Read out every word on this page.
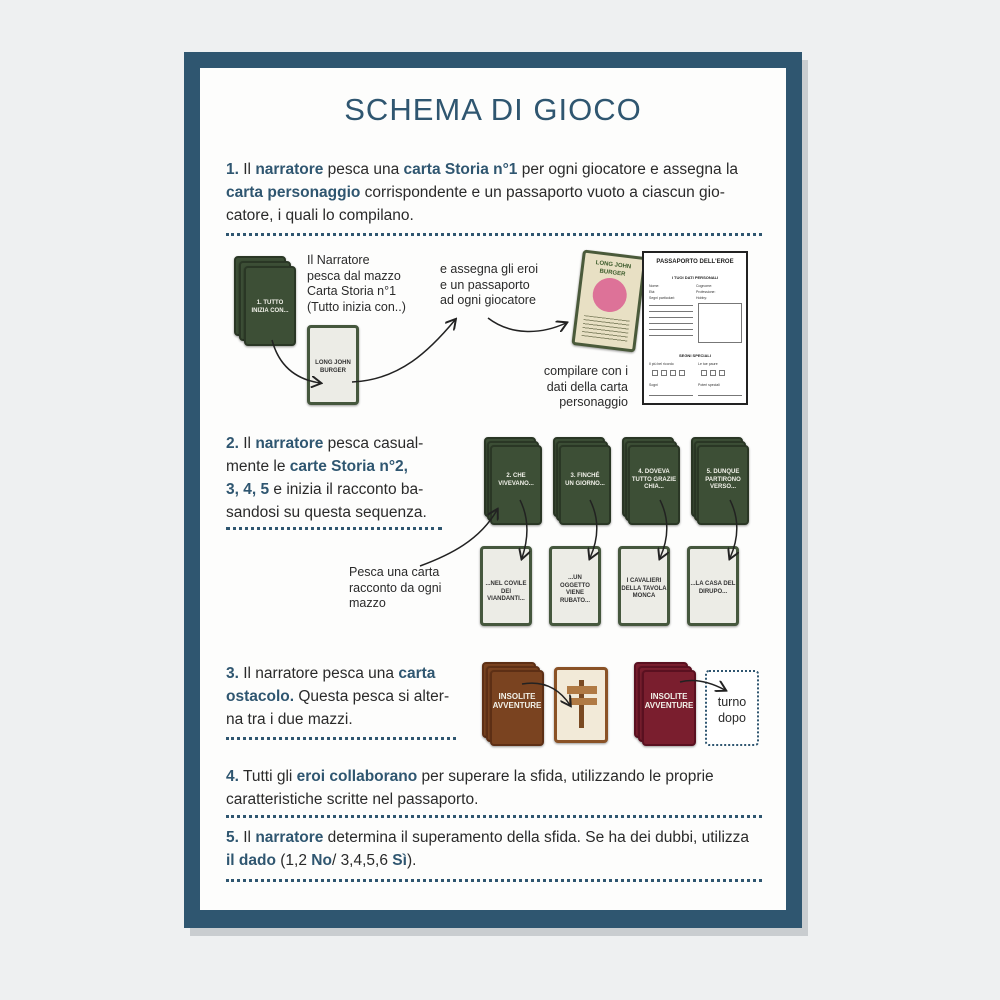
SCHEMA DI GIOCO
1. Il narratore pesca una carta Storia n°1 per ogni giocatore e assegna la
carta personaggio corrispondente e un passaporto vuoto a ciascun gio-
catore, i quali lo compilano.
1. TUTTO
INIZIA CON...
Il Narratore
pesca dal mazzo
Carta Storia n°1
(Tutto inizia con..)
LONG JOHN
BURGER
e assegna gli eroi
e un passaporto
ad ogni giocatore
LONG JOHN
BURGER
PASSAPORTO DELL'EROE
I TUOI DATI PERSONALI
Nome:
Età:
Segni particolari:
Cognome:
Professione:
Hobby:
SEGNI SPECIALI
Il più bel ricordo	Le tue paure
Sogni	Poteri speciali
compilare con i
dati della carta
personaggio
2. Il narratore pesca casual-
mente le carte Storia n°2,
3, 4, 5 e inizia il racconto ba-
sandosi su questa sequenza.
Pesca una carta
racconto da ogni
mazzo
2. CHE
VIVEVANO...
3. FINCHÉ
UN GIORNO...
4. DOVEVA
TUTTO GRAZIE
CHIA...
5. DUNQUE
PARTIRONO
VERSO...
...NEL COVILE
DEI VIANDANTI...
...UN
OGGETTO
VIENE
RUBATO...
I CAVALIERI
DELLA TAVOLA
MONCA
...LA CASA DEL
DIRUPO...
3. Il narratore pesca una carta
ostacolo. Questa pesca si alter-
na tra i due mazzi.
INSOLITE
AVVENTURE
INSOLITE
AVVENTURE	turno
dopo
4. Tutti gli eroi collaborano per superare la sfida, utilizzando le proprie
caratteristiche scritte nel passaporto.
5. Il narratore determina il superamento della sfida. Se ha dei dubbi, utilizza
il dado (1,2 No/ 3,4,5,6 Sì).
